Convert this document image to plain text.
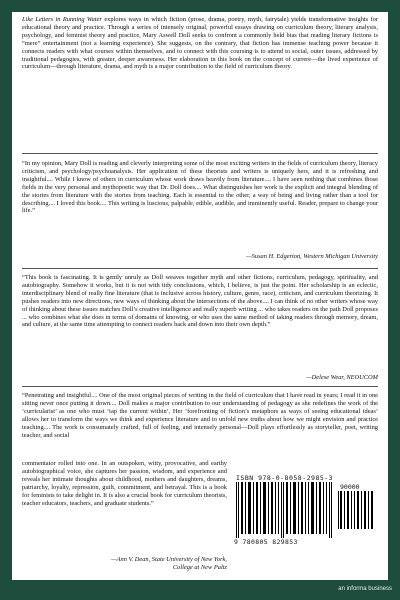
Like Letters in Running Water explores ways in which fiction (prose, drama, poetry, myth, fairytale) yields transformative insights for educational theory and practice. Through a series of intensely original, powerful essays drawing on curriculum theory, literary analysis, psychology, and feminist theory and practice, Mary Aswell Doll seeks to confront a commonly held bias that reading literary fictions is “mere” entertainment (not a learning experience). She suggests, on the contrary, that fiction has immense teaching power because it connects readers with what courses within themselves, and to connect with this coursing is to attend to social, outer issues, addressed by traditional pedagogies, with greater, deeper awareness. Her elaboration in this book on the concept of currere—the lived experience of curriculum—through literature, drama, and myth is a major contribution to the field of curriculum theory.

“In my opinion, Mary Doll is reading and cleverly interpreting some of the most exciting writers in the fields of curriculum theory, literacy criticism, and psychology/psychoanalysis. Her application of these theorists and writers is uniquely hers, and it is refreshing and insightful.... While I know of others in curriculum whose work draws heavily from literature.... I have seen nothing that combines those fields in the very personal and mythopoetic way that Dr. Doll does.... What distinguishes her work is the explicit and integral blending of the stories from literature with the stories from teaching. Each is essential to the other, a way of being and living rather than a tool for describing.... I loved this book.... This writing is luscious, palpable, edible, audible, and imminently useful. Reader, prepare to change your life.”

—Susan H. Edgerton, Western Michigan University

“This book is fascinating. It is gently unruly as Doll weaves together myth and other fictions, curriculum, pedagogy, spirituality, and autobiography. Somehow it works, but it is not with tidy conclusions, which, I believe, is just the point. Her scholarship is an eclectic, interdisciplinary blend of really fine literature (that is inclusive across history, culture, genre, race), criticism, and curriculum theorizing. It pushes readers into new directions, new ways of thinking about the intersections of the above.... I can think of no other writers whose way of thinking about these issues matches Doll’s creative intelligence and really superb writing ... who takes readers on the path Doll proposes ... who combines what she does in terms of domains of knowing, or who uses the same method of taking readers through memory, dream, and culture, at the same time attempting to connect readers back and down into their own depth.”

—Delese Wear, NEOUCOM

“Penetrating and insightful.... One of the most original pieces of writing in the field of curriculum that I have read in years; I read it in one sitting never once putting it down.... Doll makes a major contribution to our understanding of pedagogy as she redefines the work of the ‘curricularist’ as one who must ‘tap the current within’. Her ‘forefronting of fiction’s metaphors as ways of seeing educational ideas’ allows her to transform the ways we think and experience literature and to unfold new truths about how we might envision and practice teaching.... The work is consumately crafted, full of feeling, and intensely personal—Doll plays effortlessly as storyteller, poet, writing teacher, and social

commentator rolled into one. In an outspoken, witty, provocative, and earthy autobiographical voice, she captures her passion, wisdom, and experience and reveals her intimate thoughts about childhood, mothers and daughters, dreams, patriarchy, loyalty, repression, guilt, commitment, and betrayal. This is a book for feminists to take delight in. It is also a crucial book for curriculum theorists, teacher educators, teachers, and graduate students.”
—Ann V. Dean, State University of New York,
College at New Paltz
ISBN 978-0-8058-2985-3
90000
9 780805 829853
an informa business
